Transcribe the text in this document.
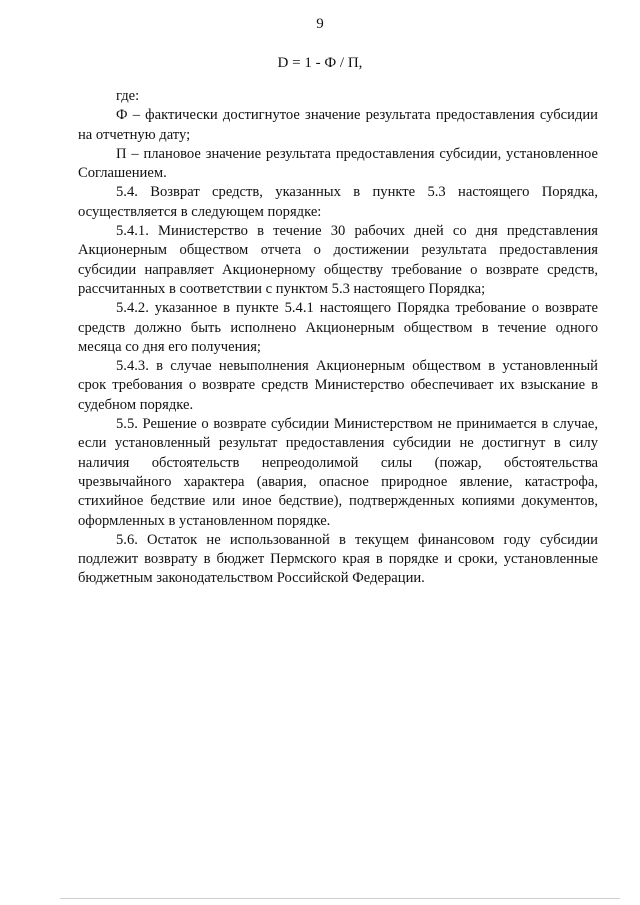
9
D = 1 - Ф / П,

где:

Ф – фактически достигнутое значение результата предоставления субсидии на отчетную дату;

П – плановое значение результата предоставления субсидии, установленное Соглашением.

5.4. Возврат средств, указанных в пункте 5.3 настоящего Порядка, осуществляется в следующем порядке:

5.4.1. Министерство в течение 30 рабочих дней со дня представления Акционерным обществом отчета о достижении результата предоставления субсидии направляет Акционерному обществу требование о возврате средств, рассчитанных в соответствии с пунктом 5.3 настоящего Порядка;

5.4.2. указанное в пункте 5.4.1 настоящего Порядка требование о возврате средств должно быть исполнено Акционерным обществом в течение одного месяца со дня его получения;

5.4.3. в случае невыполнения Акционерным обществом в установленный срок требования о возврате средств Министерство обеспечивает их взыскание в судебном порядке.

5.5. Решение о возврате субсидии Министерством не принимается в случае, если установленный результат предоставления субсидии не достигнут в силу наличия обстоятельств непреодолимой силы (пожар, обстоятельства чрезвычайного характера (авария, опасное природное явление, катастрофа, стихийное бедствие или иное бедствие), подтвержденных копиями документов, оформленных в установленном порядке.

5.6. Остаток не использованной в текущем финансовом году субсидии подлежит возврату в бюджет Пермского края в порядке и сроки, установленные бюджетным законодательством Российской Федерации.
